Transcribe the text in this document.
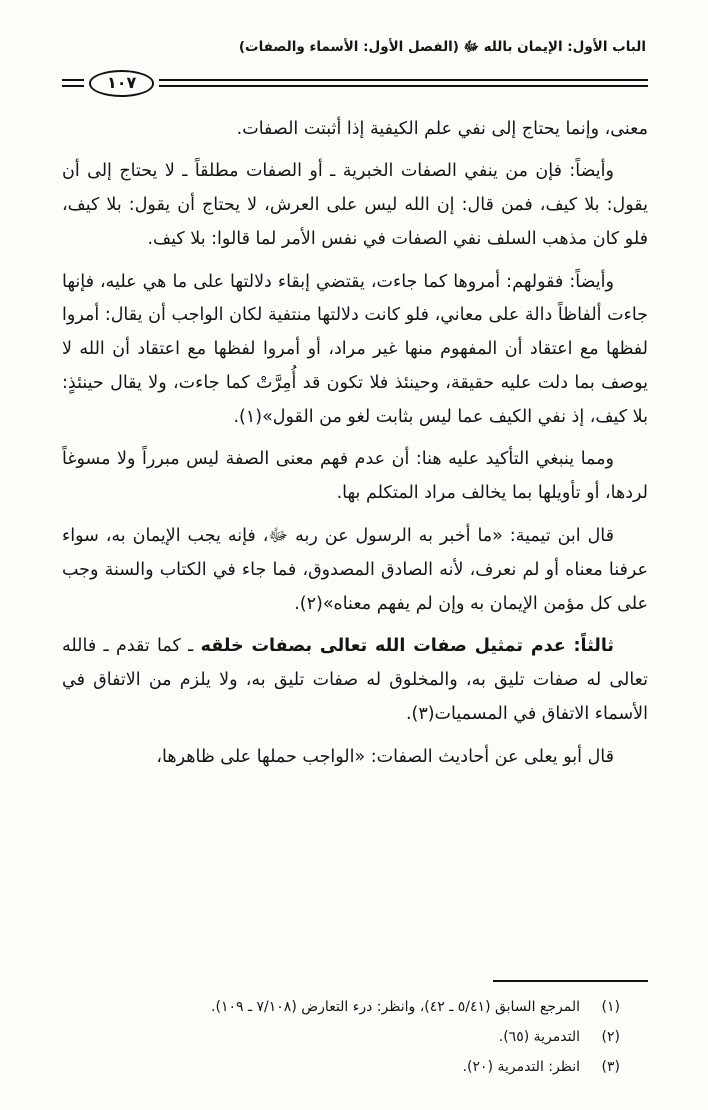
الباب الأول: الإيمان بالله ﷻ (الفصل الأول: الأسماء والصفات)
١٠٧

معنى، وإنما يحتاج إلى نفي علم الكيفية إذا أثبتت الصفات.

وأيضاً: فإن من ينفي الصفات الخبرية ـ أو الصفات مطلقاً ـ لا يحتاج إلى أن يقول: بلا كيف، فمن قال: إن الله ليس على العرش، لا يحتاج أن يقول: بلا كيف، فلو كان مذهب السلف نفي الصفات في نفس الأمر لما قالوا: بلا كيف.

وأيضاً: فقولهم: أمروها كما جاءت، يقتضي إبقاء دلالتها على ما هي عليه، فإنها جاءت ألفاظاً دالة على معاني، فلو كانت دلالتها منتفية لكان الواجب أن يقال: أمروا لفظها مع اعتقاد أن المفهوم منها غير مراد، أو أمروا لفظها مع اعتقاد أن الله لا يوصف بما دلت عليه حقيقة، وحينئذ فلا تكون قد أُمِرَّتْ كما جاءت، ولا يقال حينئذٍ: بلا كيف، إذ نفي الكيف عما ليس بثابت لغو من القول»(١).

ومما ينبغي التأكيد عليه هنا: أن عدم فهم معنى الصفة ليس مبرراً ولا مسوغاً لردها، أو تأويلها بما يخالف مراد المتكلم بها.

قال ابن تيمية: «ما أخبر به الرسول عن ربه ﷻ، فإنه يجب الإيمان به، سواء عرفنا معناه أو لم نعرف، لأنه الصادق المصدوق، فما جاء في الكتاب والسنة وجب على كل مؤمن الإيمان به وإن لم يفهم معناه»(٢).

ثالثاً: عدم تمثيل صفات الله تعالى بصفات خلقه ـ كما تقدم ـ فالله تعالى له صفات تليق به، والمخلوق له صفات تليق به، ولا يلزم من الاتفاق في الأسماء الاتفاق في المسميات(٣).

قال أبو يعلى عن أحاديث الصفات: «الواجب حملها على ظاهرها،

(١)
المرجع السابق (٥/٤١ ـ ٤٢)، وانظر: درء التعارض (٧/١٠٨ ـ ١٠٩).
(٢)
التدمرية (٦٥).
(٣)
انظر: التدمرية (٢٠).
